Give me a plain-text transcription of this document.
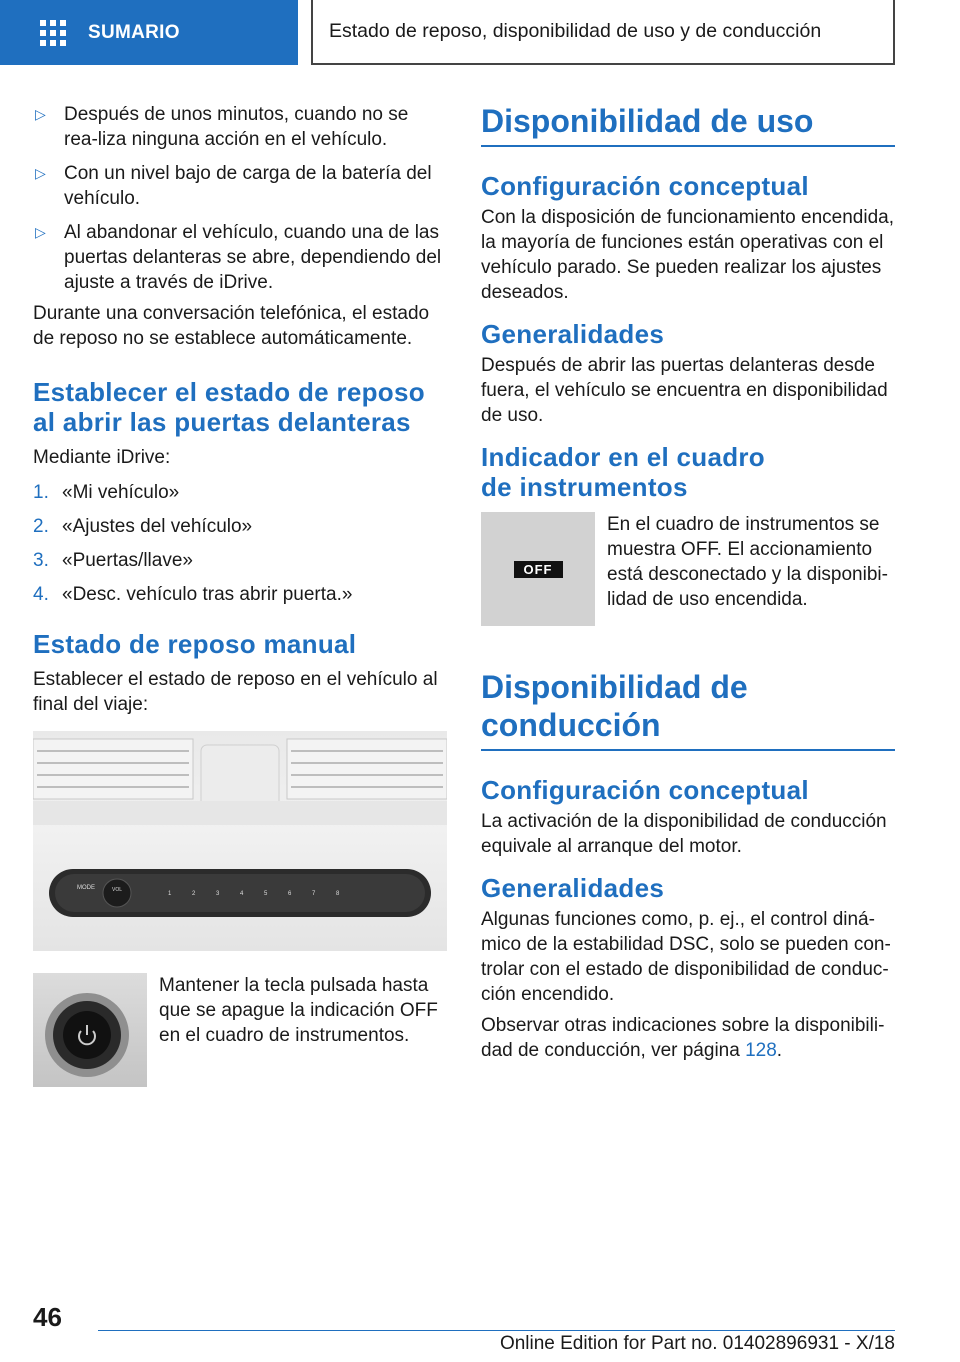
SUMARIO	Estado de reposo, disponibilidad de uso y de conducción
▷ Después de unos minutos, cuando no se rea-liza ninguna acción en el vehículo.

▷ Con un nivel bajo de carga de la batería del vehículo.

▷ Al abandonar el vehículo, cuando una de las puertas delanteras se abre, dependiendo del ajuste a través de iDrive.

Durante una conversación telefónica, el estado de reposo no se establece automáticamente.

Establecer el estado de reposo al abrir las puertas delanteras

Mediante iDrive:

1. «Mi vehículo»

2. «Ajustes del vehículo»

3. «Puertas/llave»

4. «Desc. vehículo tras abrir puerta.»

Estado de reposo manual

Establecer el estado de reposo en el vehículo al final del viaje:

MODE	VOL
1	2	3	4	5	6	7	8

Mantener la tecla pulsada hasta que se apague la indicación OFF en el cuadro de instrumentos.

Disponibilidad de uso
Configuración conceptual

Con la disposición de funcionamiento encendida, la mayoría de funciones están operativas con el vehículo parado. Se pueden realizar los ajustes deseados.

Generalidades

Después de abrir las puertas delanteras desde fuera, el vehículo se encuentra en disponibilidad de uso.

Indicador en el cuadro
de instrumentos
OFF

En el cuadro de instrumentos se muestra OFF. El accionamiento está desconectado y la disponibi-lidad de uso encendida.

Disponibilidad de
conducción
Configuración conceptual

La activación de la disponibilidad de conducción equivale al arranque del motor.

Generalidades

Algunas funciones como, p. ej., el control diná-mico de la estabilidad DSC, solo se pueden con-trolar con el estado de disponibilidad de conduc-ción encendido.

Observar otras indicaciones sobre la disponibili-dad de conducción, ver página 128.

46
Online Edition for Part no. 01402896931 - X/18
